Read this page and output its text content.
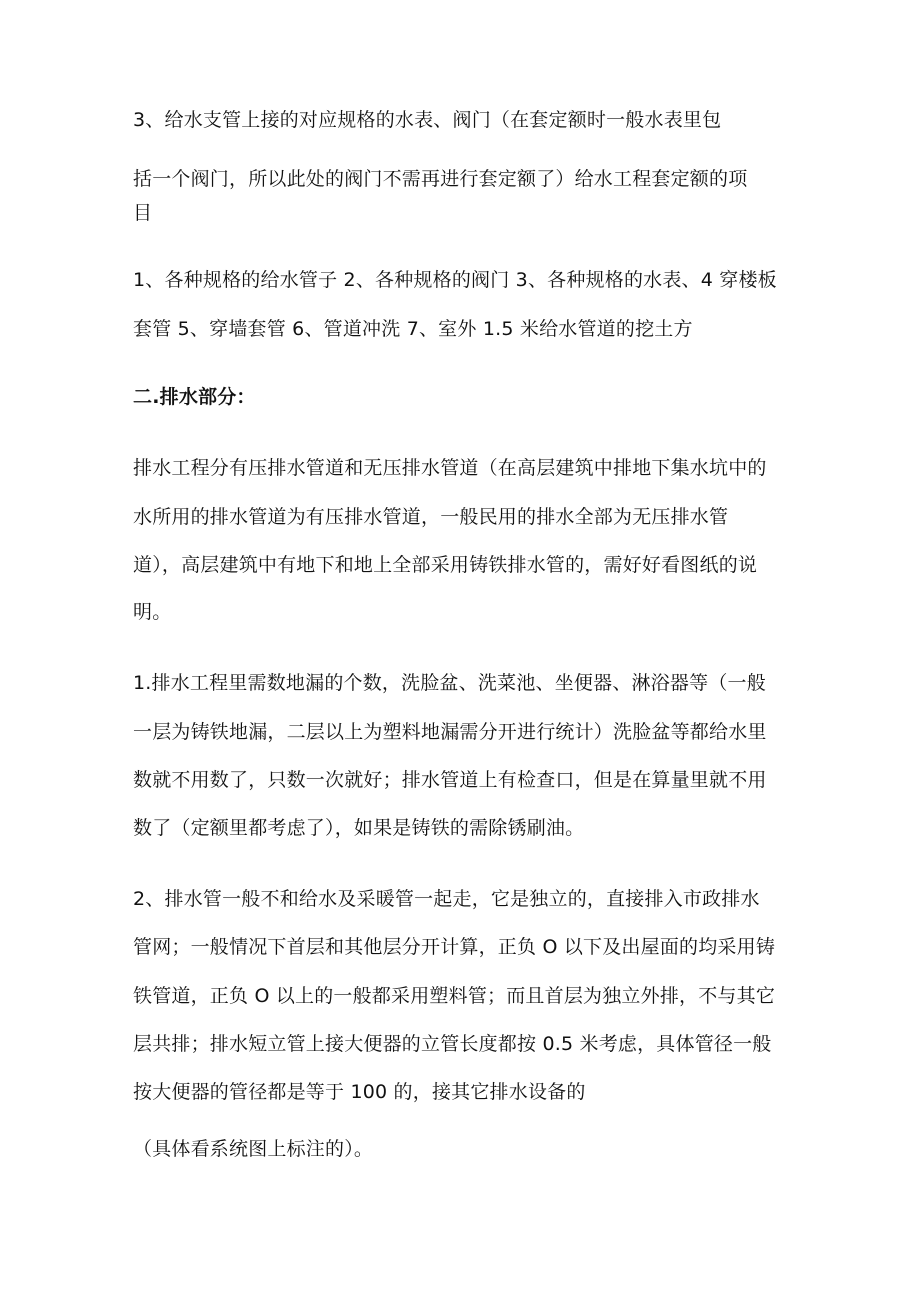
3、给水支管上接的对应规格的水表、阀门（在套定额时一般水表里包
括一个阀门，所以此处的阀门不需再进行套定额了）给水工程套定额的项
目
1、各种规格的给水管子 2、各种规格的阀门 3、各种规格的水表、4 穿楼板
套管 5、穿墙套管 6、管道冲洗 7、室外 1.5 米给水管道的挖土方
二.排水部分：
排水工程分有压排水管道和无压排水管道（在高层建筑中排地下集水坑中的
水所用的排水管道为有压排水管道，一般民用的排水全部为无压排水管
道），高层建筑中有地下和地上全部采用铸铁排水管的，需好好看图纸的说
明。
1.排水工程里需数地漏的个数，洗脸盆、洗菜池、坐便器、淋浴器等（一般
一层为铸铁地漏，二层以上为塑料地漏需分开进行统计）洗脸盆等都给水里
数就不用数了，只数一次就好；排水管道上有检查口，但是在算量里就不用
数了（定额里都考虑了），如果是铸铁的需除锈刷油。
2、排水管一般不和给水及采暖管一起走，它是独立的，直接排入市政排水
管网；一般情况下首层和其他层分开计算，正负 O 以下及出屋面的均采用铸
铁管道，正负 O 以上的一般都采用塑料管；而且首层为独立外排，不与其它
层共排；排水短立管上接大便器的立管长度都按 0.5 米考虑，具体管径一般
按大便器的管径都是等于 100 的，接其它排水设备的
（具体看系统图上标注的）。
